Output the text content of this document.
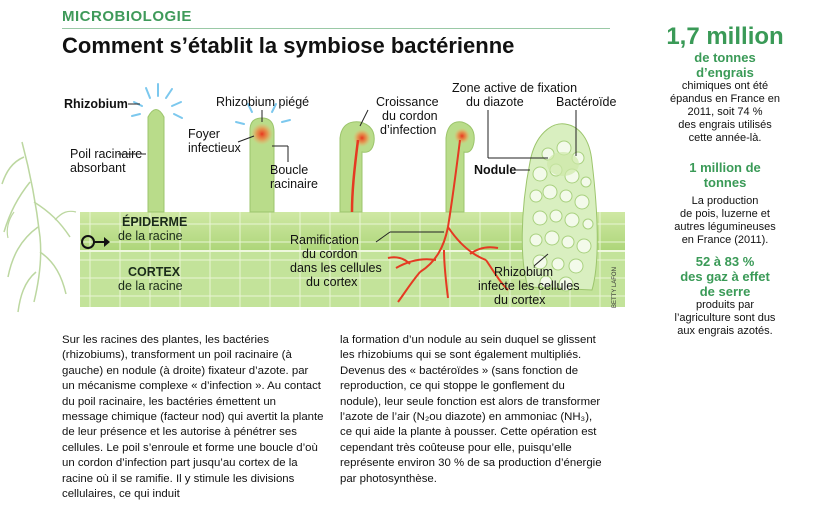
MICROBIOLOGIE
Comment s’établit la symbiose bactérienne
Rhizobium
Poil racinaire
absorbant
Rhizobium piégé
Foyer
infectieux
Boucle
racinaire
Croissance
du cordon
d’infection
Zone active de fixation
du diazote	Bactéroïde
Nodule
ÉPIDERME
de la racine
CORTEX
de la racine
Ramification
du cordon
dans les cellules
du cortex
Rhizobium
infecte les cellules
du cortex	BETTY LAFON

Sur les racines des plantes, les bactéries (rhizobiums), transforment un poil racinaire (à gauche) en nodule (à droite) fixateur d’azote. par un mécanisme complexe « d’infection ». Au contact du poil racinaire, les bactéries émettent un message chimique (facteur nod) qui avertit la plante de leur présence et les autorise à pénétrer ses cellules. Le poil s’enroule et forme une boucle d’où un cordon d’infection part jusqu’au cortex de la racine où il se ramifie. Il y stimule les divisions cellulaires, ce qui induit

la formation d’un nodule au sein duquel se glissent les rhizobiums qui se sont également multipliés. Devenus des « bactéroïdes » (sans fonction de reproduction, ce qui stoppe le gonflement du nodule), leur seule fonction est alors de transformer l’azote de l’air (N₂ou diazote) en ammoniac (NH₃), ce qui aide la plante à pousser. Cette opération est cependant très coûteuse pour elle, puisqu’elle représente environ 30 % de sa production d’énergie par photosynthèse.

1,7 million
de tonnes
d’engrais
chimiques ont été
épandus en France en
2011, soit 74 %
des engrais utilisés
cette année-là.
1 million de
tonnes
La production
de pois, luzerne et
autres légumineuses
en France (2011).
52 à 83 %
des gaz à effet
de serre
produits par
l’agriculture sont dus
aux engrais azotés.
